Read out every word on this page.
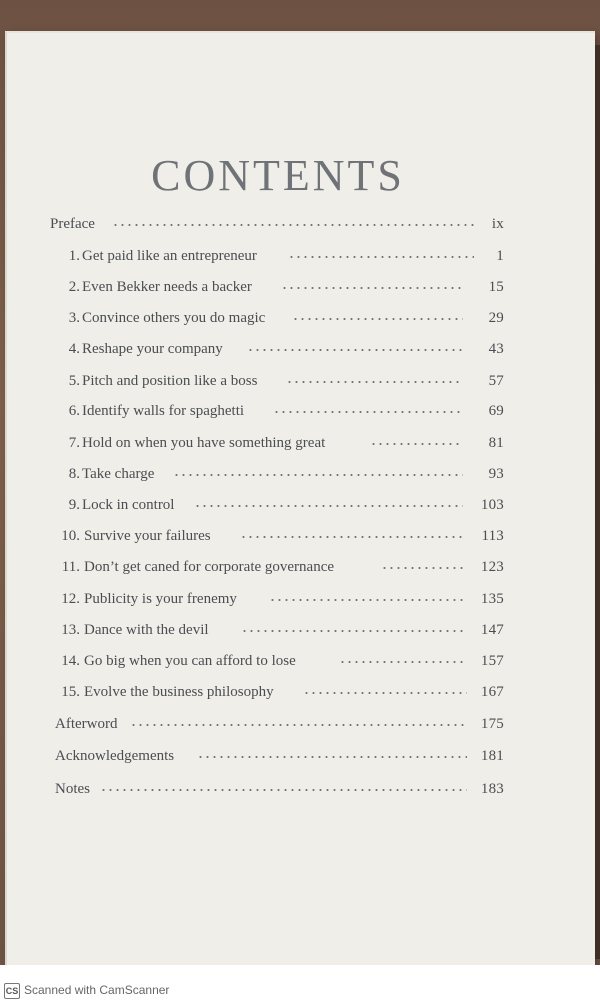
CONTENTS
Preface	ix
1. Get paid like an entrepreneur	1
2. Even Bekker needs a backer	15
3. Convince others you do magic	29
4. Reshape your company	43
5. Pitch and position like a boss	57
6. Identify walls for spaghetti	69
7. Hold on when you have something great	81
8. Take charge	93
9. Lock in control	103
10. Survive your failures	113
11. Don’t get caned for corporate governance	123
12. Publicity is your frenemy	135
13. Dance with the devil	147
14. Go big when you can afford to lose	157
15. Evolve the business philosophy	167
Afterword	175
Acknowledgements	181
Notes	183
CS Scanned with CamScanner
